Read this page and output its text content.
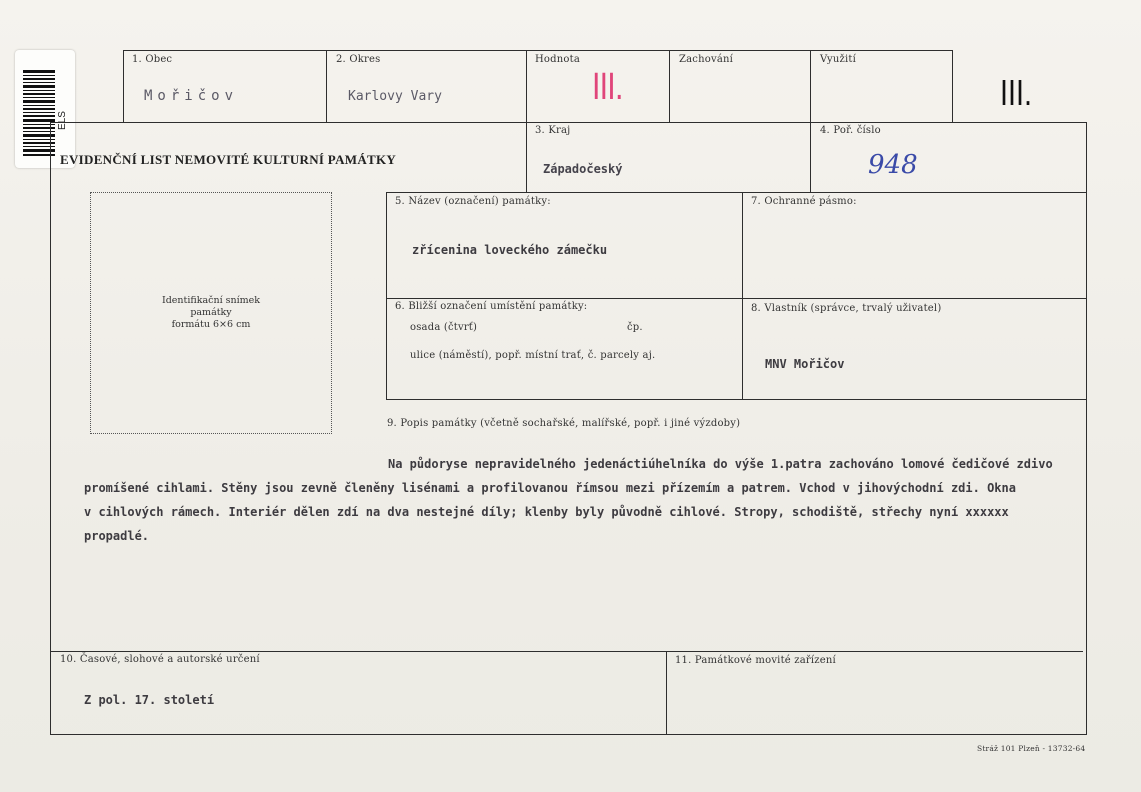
ELS
1. Obec
Mořičov
2. Okres
Karlovy Vary
Hodnota
III.
Zachování	Využití
III.
EVIDENČNÍ LIST NEMOVITÉ KULTURNÍ PAMÁTKY
3. Kraj
Západočeský
4. Poř. číslo
948
Identifikační snímek
památky
formátu 6×6 cm
5. Název (označení) památky:
zřícenina loveckého zámečku
7. Ochranné pásmo:
6. Bližší označení umístění památky:
osada (čtvrť)	čp.
ulice (náměstí), popř. místní trať, č. parcely aj.
8. Vlastník (správce, trvalý uživatel)
MNV Mořičov
9. Popis památky (včetně sochařské, malířské, popř. i jiné výzdoby)
Na půdoryse nepravidelného jedenáctiúhelníka do výše 1.patra zachováno lomové čedičové zdivo
promíšené cihlami. Stěny jsou zevně členěny lisénami a profilovanou římsou mezi přízemím a patrem. Vchod v jihovýchodní zdi. Okna
v cihlových rámech. Interiér dělen zdí na dva nestejné díly; klenby byly původně cihlové. Stropy, schodiště, střechy nyní xxxxxx
propadlé.
10. Časové, slohové a autorské určení
Z pol. 17. století
11. Památkové movité zařízení
Stráž 101 Plzeň - 13732-64
